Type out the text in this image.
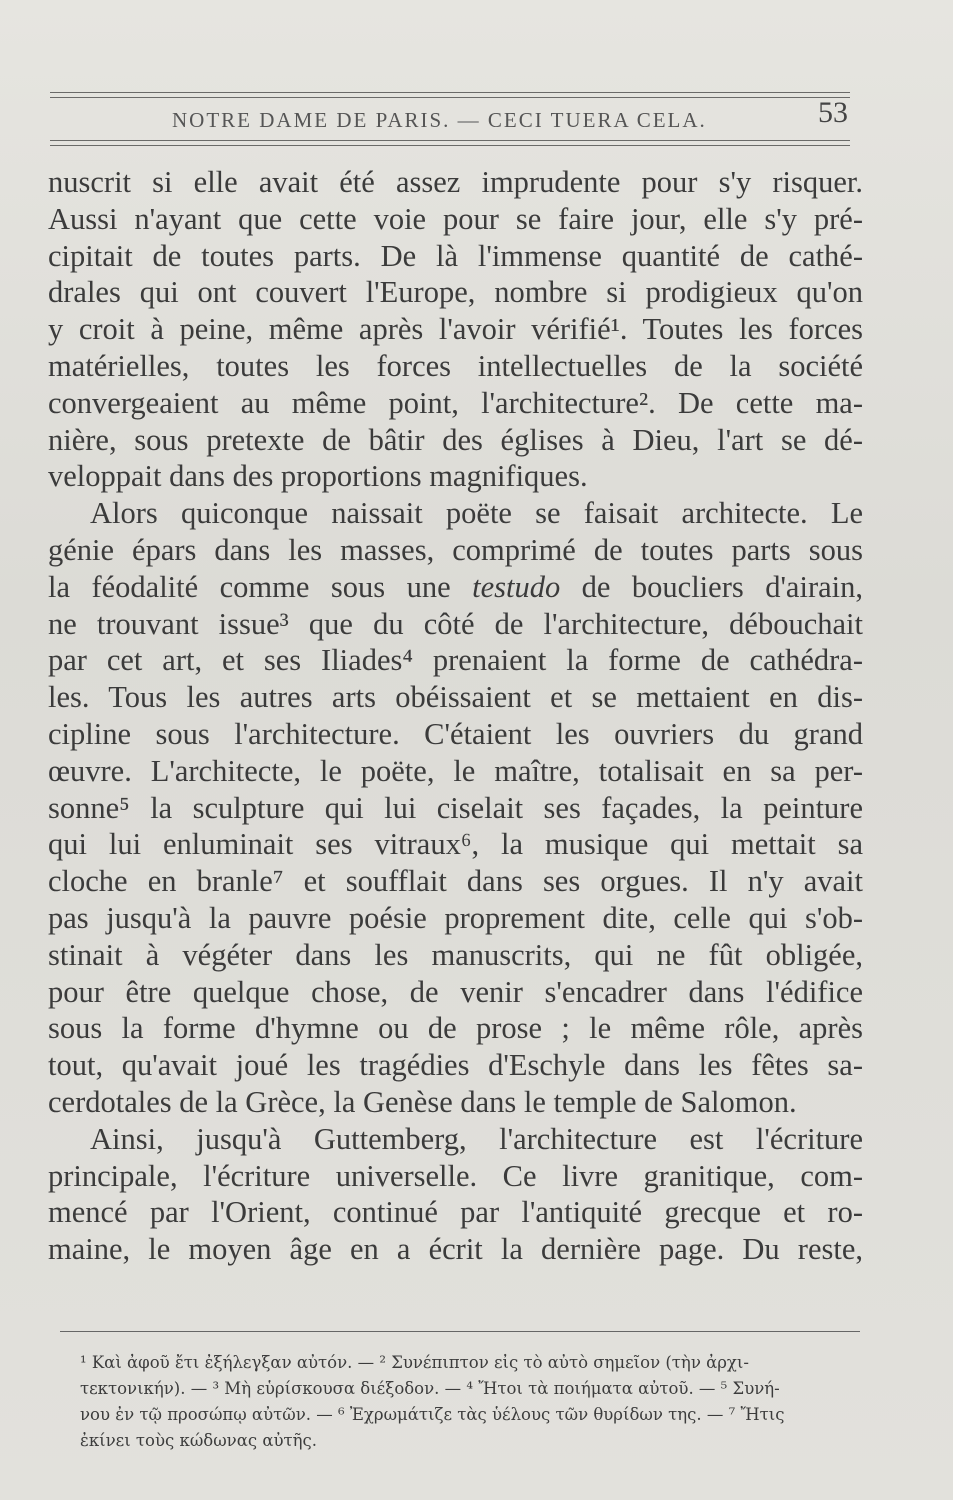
NOTRE DAME DE PARIS. — CECI TUERA CELA.	53
nuscrit si elle avait été assez imprudente pour s'y risquer.
Aussi n'ayant que cette voie pour se faire jour, elle s'y pré-
cipitait de toutes parts. De là l'immense quantité de cathé-
drales qui ont couvert l'Europe, nombre si prodigieux qu'on
y croit à peine, même après l'avoir vérifié¹. Toutes les forces
matérielles, toutes les forces intellectuelles de la société
convergeaient au même point, l'architecture². De cette ma-
nière, sous pretexte de bâtir des églises à Dieu, l'art se dé-
veloppait dans des proportions magnifiques.
Alors quiconque naissait poëte se faisait architecte. Le
génie épars dans les masses, comprimé de toutes parts sous
la féodalité comme sous une testudo de boucliers d'airain,
ne trouvant issue³ que du côté de l'architecture, débouchait
par cet art, et ses Iliades⁴ prenaient la forme de cathédra-
les. Tous les autres arts obéissaient et se mettaient en dis-
cipline sous l'architecture. C'étaient les ouvriers du grand
œuvre. L'architecte, le poëte, le maître, totalisait en sa per-
sonne⁵ la sculpture qui lui ciselait ses façades, la peinture
qui lui enluminait ses vitraux⁶, la musique qui mettait sa
cloche en branle⁷ et soufflait dans ses orgues. Il n'y avait
pas jusqu'à la pauvre poésie proprement dite, celle qui s'ob-
stinait à végéter dans les manuscrits, qui ne fût obligée,
pour être quelque chose, de venir s'encadrer dans l'édifice
sous la forme d'hymne ou de prose ; le même rôle, après
tout, qu'avait joué les tragédies d'Eschyle dans les fêtes sa-
cerdotales de la Grèce, la Genèse dans le temple de Salomon.
Ainsi, jusqu'à Guttemberg, l'architecture est l'écriture
principale, l'écriture universelle. Ce livre granitique, com-
mencé par l'Orient, continué par l'antiquité grecque et ro-
maine, le moyen âge en a écrit la dernière page. Du reste,
¹ Καὶ ἀφοῦ ἔτι ἐξήλεγξαν αὐτόν. — ² Συνέπιπτον εἰς τὸ αὐτὸ σημεῖον (τὴν ἀρχι-
τεκτονικήν). — ³ Μὴ εὑρίσκουσα διέξοδον. — ⁴ Ἤτοι τὰ ποιήματα αὐτοῦ. — ⁵ Συνή-
νου ἐν τῷ προσώπῳ αὐτῶν. — ⁶ Ἐχρωμάτιζε τὰς ὑέλους τῶν θυρίδων της. — ⁷ Ἤτις
ἐκίνει τοὺς κώδωνας αὐτῆς.
